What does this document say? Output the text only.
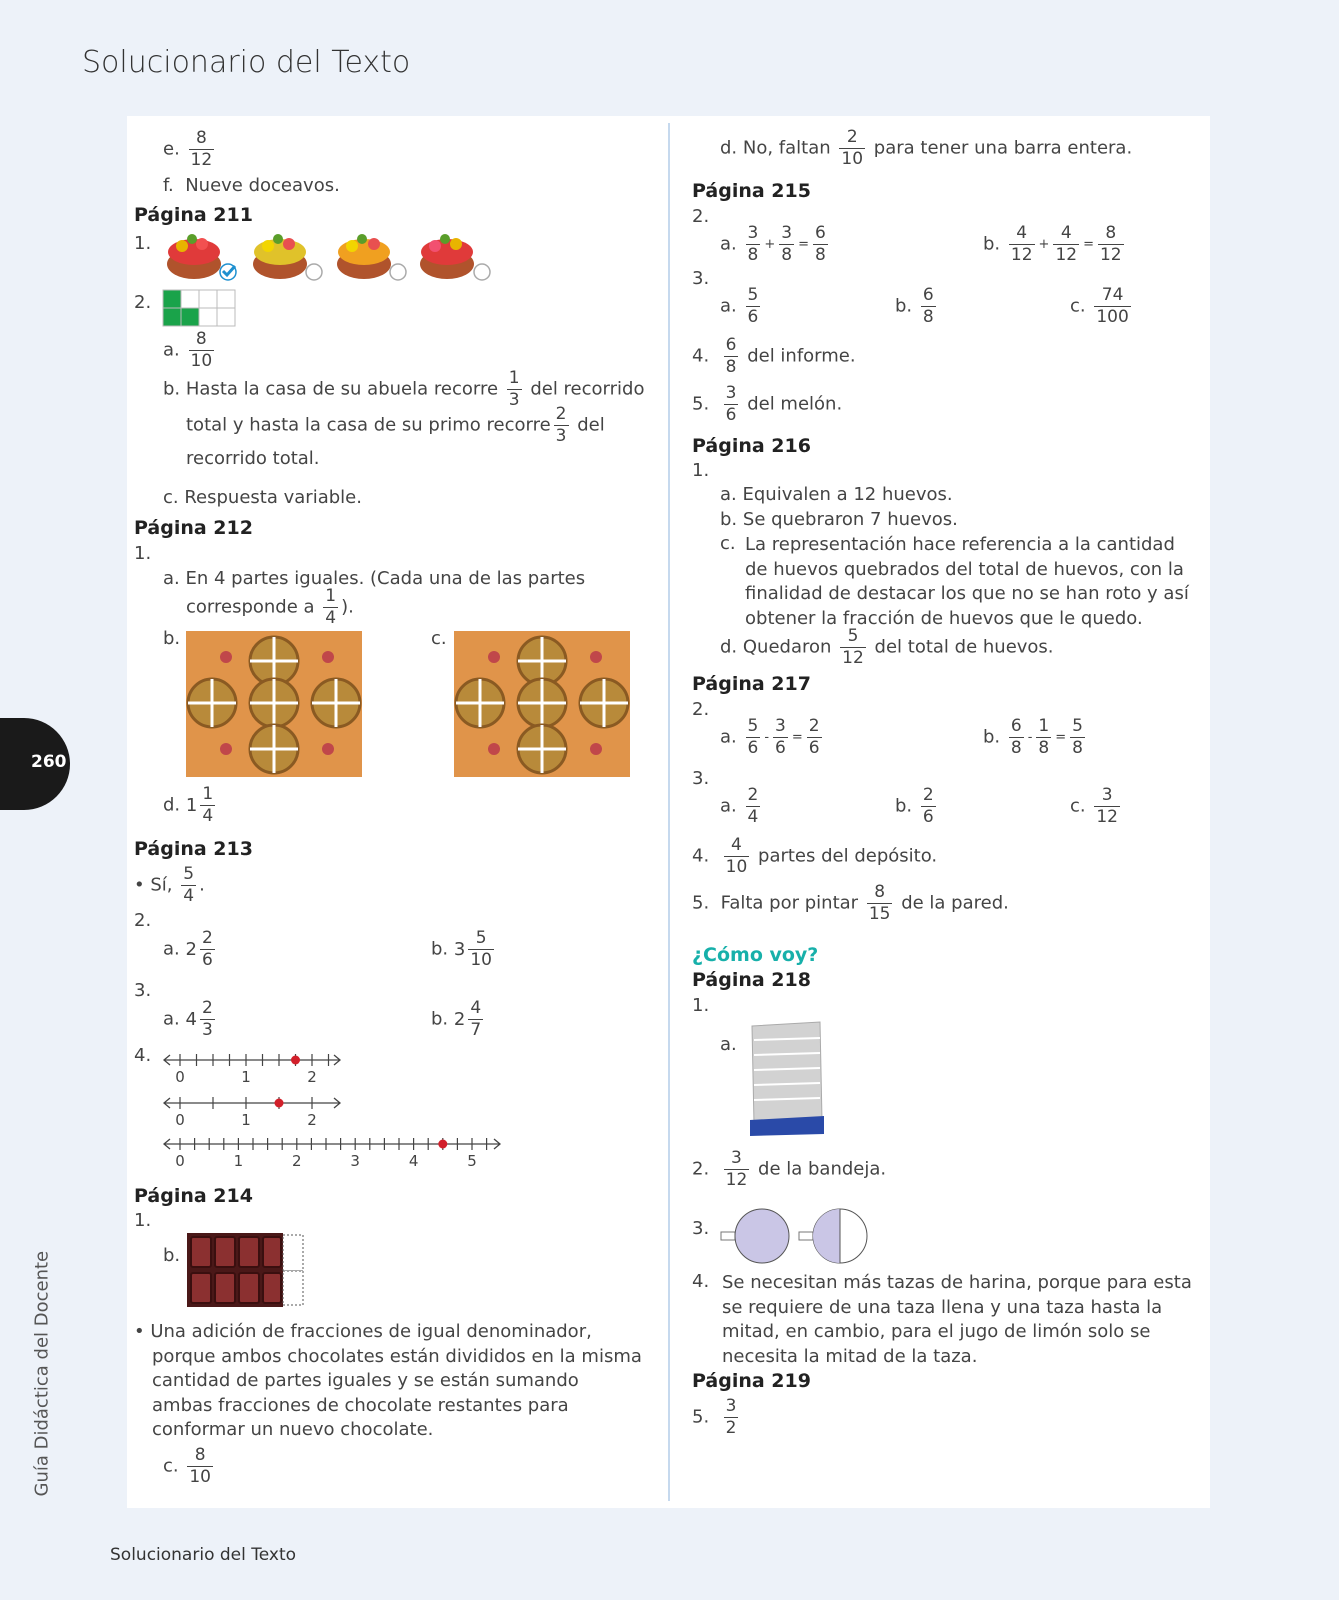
Solucionario del Texto
260
Guía Didáctica del Docente
e. $\frac{8}{12}$
f. Nueve doceavos.
Página 211
1.
2.
a. $\frac{8}{10}$
b. Hasta la casa de su abuela recorre $\frac{1}{3}$ del recorrido
total y hasta la casa de su primo recorre $\frac{2}{3}$ del
recorrido total.
c. Respuesta variable.
Página 212
1.
a. En 4 partes iguales. (Cada una de las partes
corresponde a $\frac{1}{4}$ ).
b.	c.
d. $1 \frac{1}{4}$
Página 213
• Sí, $\frac{5}{4}$ .
2.
a. $2 \frac{2}{6}$	b. $3 \frac{5}{10}$
3.
a. $4 \frac{2}{3}$	b. $2 \frac{4}{7}$
4.
0	1	2
0	1	2
0	1	2	3	4	5
Página 214
1.
b.
• Una adición de fracciones de igual denominador, porque ambos chocolates están divididos en la misma cantidad de partes iguales y se están sumando ambas fracciones de chocolate restantes para conformar un nuevo chocolate.
c. $\frac{8}{10}$
d. No, faltan $\frac{2}{10}$ para tener una barra entera.
Página 215
2.
a. $\frac{3}{8} + \frac{3}{8} = \frac{6}{8}$	b. $\frac{4}{12} + \frac{4}{12} = \frac{8}{12}$
3.
a. $\frac{5}{6}$	b. $\frac{6}{8}$	c. $\frac{74}{100}$
4. $\frac{6}{8}$ del informe.
5. $\frac{3}{6}$ del melón.
Página 216
1.
a. Equivalen a 12 huevos.
b. Se quebraron 7 huevos.
c. La representación hace referencia a la cantidad de huevos quebrados del total de huevos, con la finalidad de destacar los que no se han roto y así obtener la fracción de huevos que le quedo.
d. Quedaron $\frac{5}{12}$ del total de huevos.
Página 217
2.
a. $\frac{5}{6} - \frac{3}{6} = \frac{2}{6}$	b. $\frac{6}{8} - \frac{1}{8} = \frac{5}{8}$
3.
a. $\frac{2}{4}$	b. $\frac{2}{6}$	c. $\frac{3}{12}$
4. $\frac{4}{10}$ partes del depósito.
5. Falta por pintar $\frac{8}{15}$ de la pared.
¿Cómo voy?
Página 218
1.
a.
2. $\frac{3}{12}$ de la bandeja.
3.
4. Se necesitan más tazas de harina, porque para esta se requiere de una taza llena y una taza hasta la mitad, en cambio, para el jugo de limón solo se necesita la mitad de la taza.
Página 219
5. $\frac{3}{2}$
Solucionario del Texto
